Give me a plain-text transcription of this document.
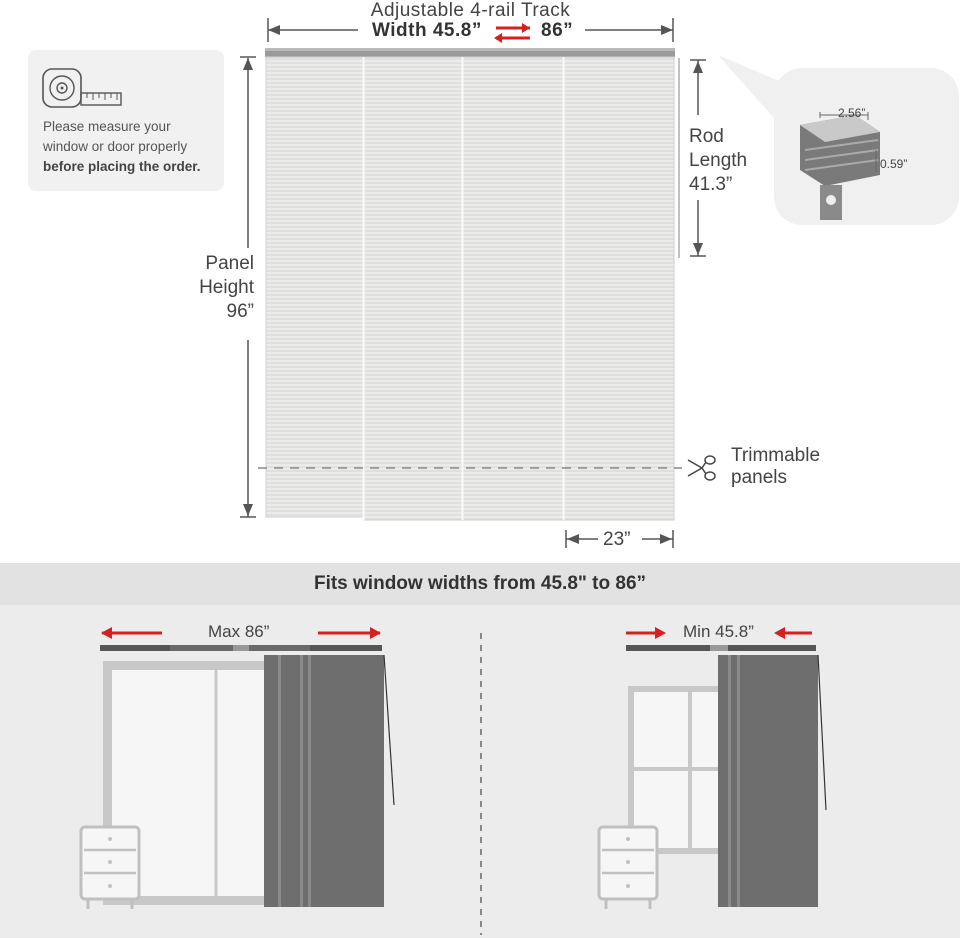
Adjustable 4-rail Track
Width 45.8”	86”
2.56”
0.59”
Please measure your
window or door properly
before placing the order.
Panel
Height
96”
Rod
Length
41.3”
Trimmable
panels
23”
Fits window widths from 45.8" to 86”
Max 86”	Min 45.8”
